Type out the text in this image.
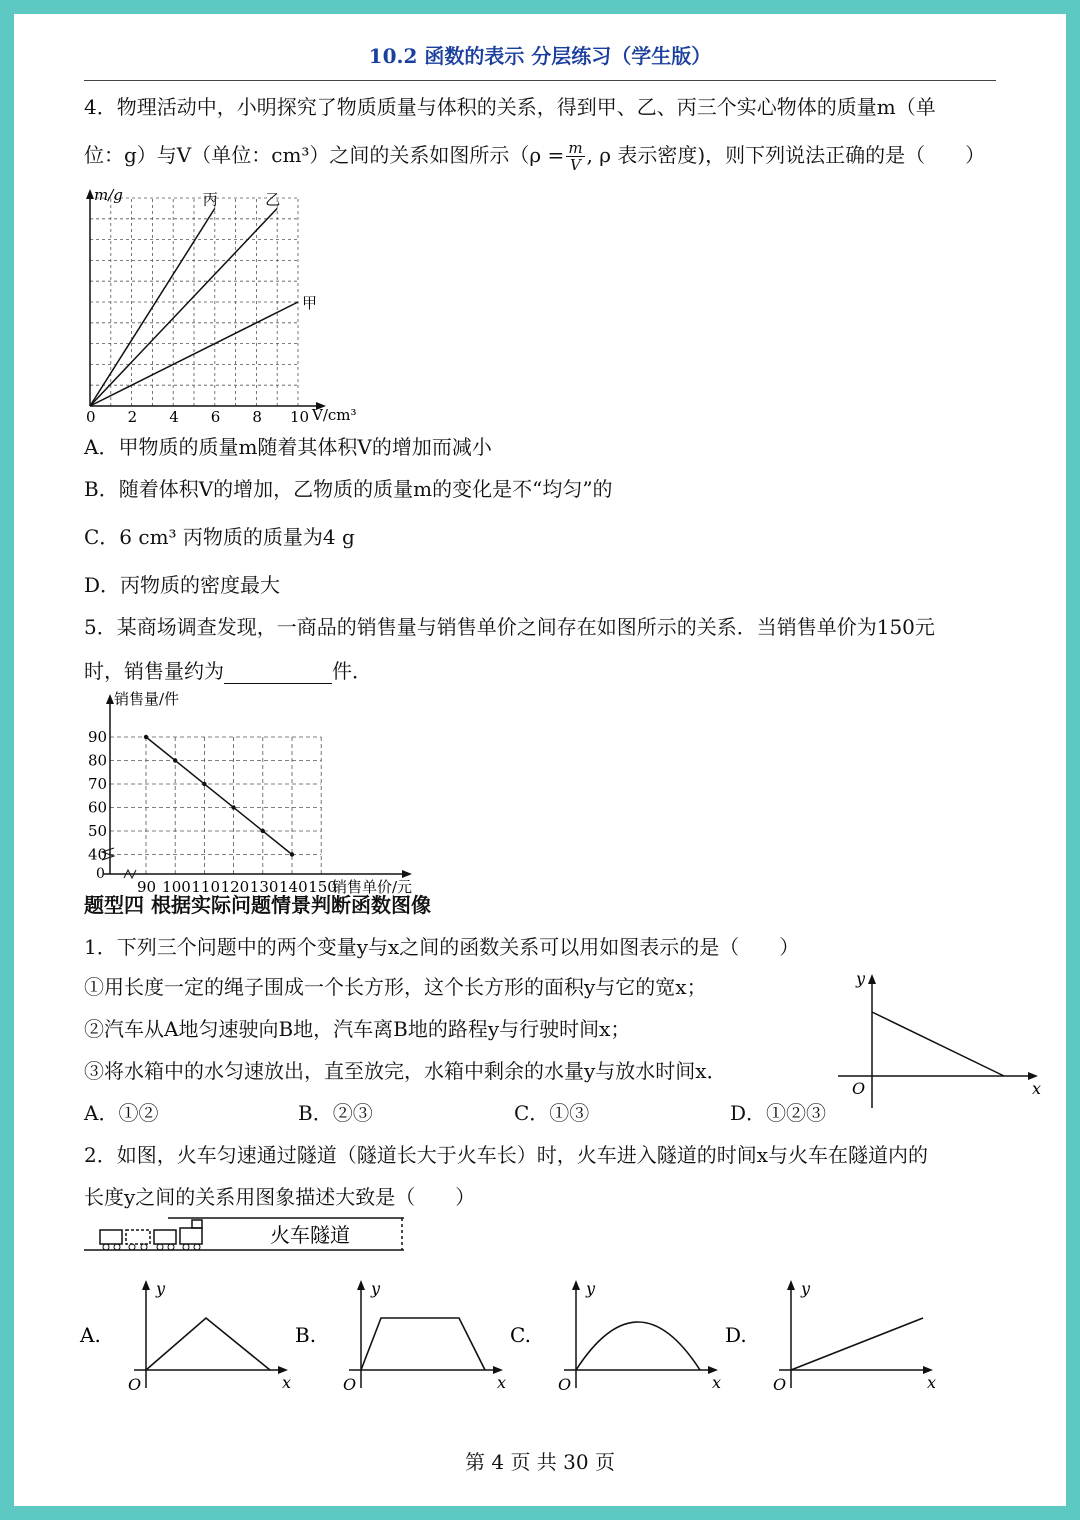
10.2 函数的表示 分层练习（学生版）
4．物理活动中，小明探究了物质质量与体积的关系，得到甲、乙、丙三个实心物体的质量m（单
位：g）与V（单位：cm³）之间的关系如图所示（$\rho = \frac{m}{V}$ , ρ 表示密度)，则下列说法正确的是（　　）
丙	乙
甲
0 2 4 6 8 10
m/g
V/cm³
A．甲物质的质量m随着其体积V的增加而减小
B．随着体积V的增加，乙物质的质量m的变化是不“均匀”的
C．6 cm³ 丙物质的质量为4 g
D．丙物质的密度最大
5．某商场调查发现，一商品的销售量与销售单价之间存在如图所示的关系．当销售单价为150元
时，销售量约为	件．
90 100 110 120 130 140 150
40
50
60
70
80
90
销售量/件
销售单价/元
0
题型四 根据实际问题情景判断函数图像
1．下列三个问题中的两个变量y与x之间的函数关系可以用如图表示的是（　　）
①用长度一定的绳子围成一个长方形，这个长方形的面积y与它的宽x；
②汽车从A地匀速驶向B地，汽车离B地的路程y与行驶时间x；
③将水箱中的水匀速放出，直至放完，水箱中剩余的水量y与放水时间x．
A．①②	B．②③	C．①③	D．①②③
y
x
O
2．如图，火车匀速通过隧道（隧道长大于火车长）时，火车进入隧道的时间x与火车在隧道内的
长度y之间的关系用图象描述大致是（　　）
火车隧道
A.
y
x
O
B.
y
x
O
C.
y
x
O
D.
y
x
O
第 4 页 共 30 页
